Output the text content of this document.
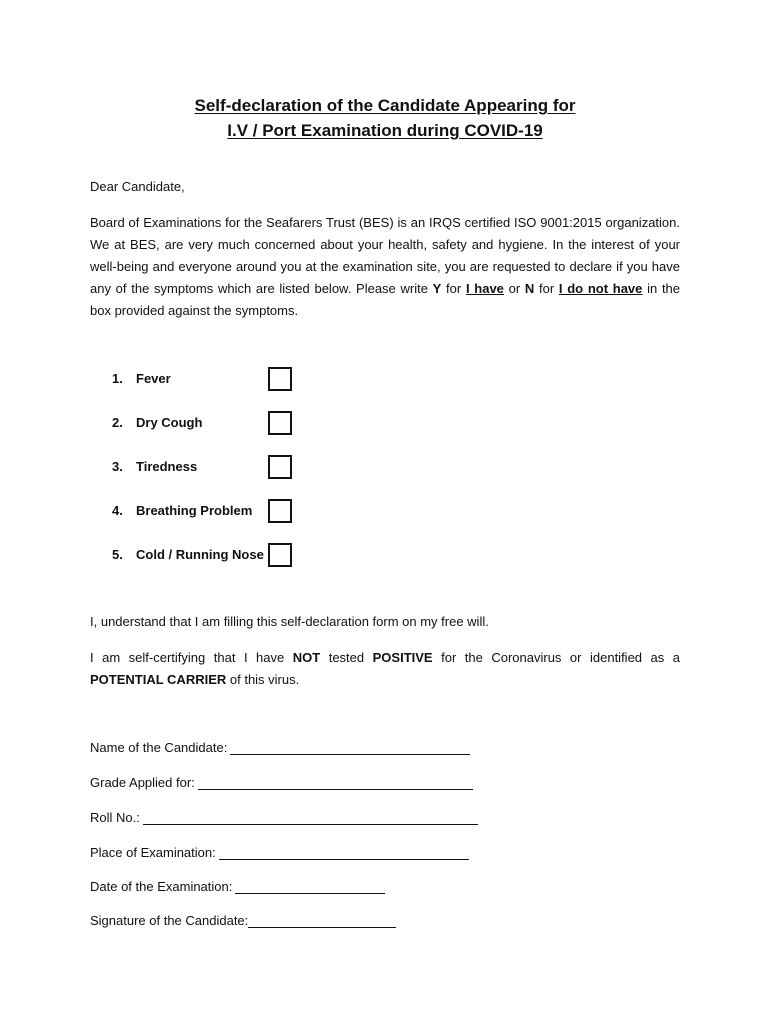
Self-declaration of the Candidate Appearing for
I.V / Port Examination during COVID-19
Dear Candidate,
Board of Examinations for the Seafarers Trust (BES) is an IRQS certified ISO 9001:2015 organization. We at BES, are very much concerned about your health, safety and hygiene. In the interest of your well-being and everyone around you at the examination site, you are requested to declare if you have any of the symptoms which are listed below. Please write Y for I have or N for I do not have in the box provided against the symptoms.
1. Fever
2. Dry Cough
3. Tiredness
4. Breathing Problem
5. Cold / Running Nose
I, understand that I am filling this self-declaration form on my free will.
I am self-certifying that I have NOT tested POSITIVE for the Coronavirus or identified as a POTENTIAL CARRIER of this virus.
Name of the Candidate:
Grade Applied for:
Roll No.:
Place of Examination:
Date of the Examination:
Signature of the Candidate:
